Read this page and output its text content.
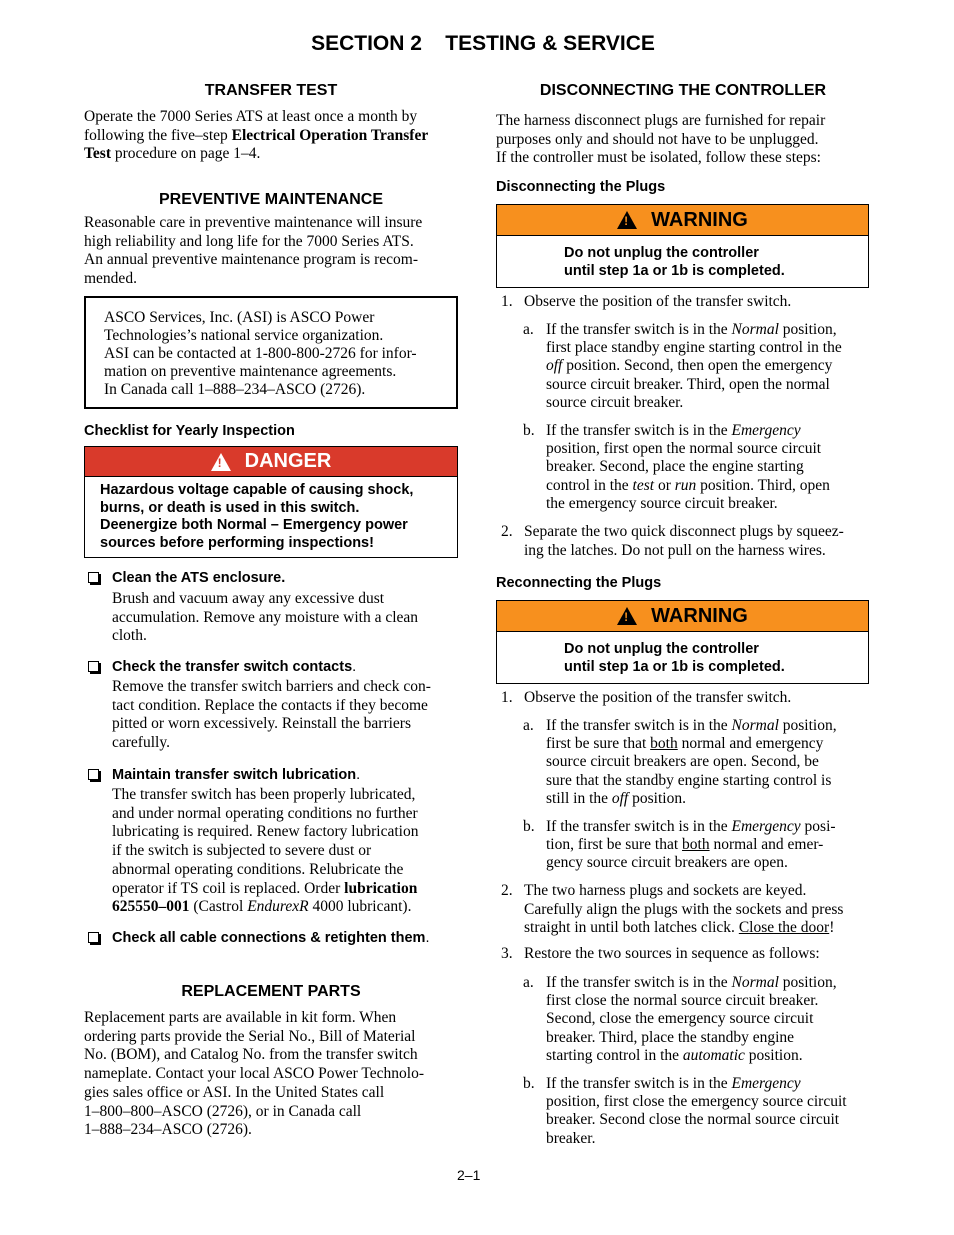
SECTION 2    TESTING & SERVICE
TRANSFER TEST
Operate the 7000 Series ATS at least once a month by
following the five–step Electrical Operation Transfer
Test procedure on page 1–4.
PREVENTIVE MAINTENANCE
Reasonable care in preventive maintenance will insure
high reliability and long life for the 7000 Series ATS.
An annual preventive maintenance program is recom-
mended.
ASCO Services, Inc. (ASI) is ASCO Power
Technologies’s national service organization.
ASI can be contacted at 1-800-800-2726 for infor-
mation on preventive maintenance agreements.
In Canada call 1–888–234–ASCO (2726).
Checklist for Yearly Inspection
! DANGER
Hazardous voltage capable of causing shock,
burns, or death is used in this switch.
Deenergize both Normal – Emergency power
sources before performing inspections!
Clean the ATS enclosure.
Brush and vacuum away any excessive dust
accumulation. Remove any moisture with a clean
cloth.
Check the transfer switch contacts.
Remove the transfer switch barriers and check con-
tact condition. Replace the contacts if they become
pitted or worn excessively. Reinstall the barriers
carefully.
Maintain transfer switch lubrication.
The transfer switch has been properly lubricated,
and under normal operating conditions no further
lubricating is required. Renew factory lubrication
if the switch is subjected to severe dust or
abnormal operating conditions. Relubricate the
operator if TS coil is replaced. Order lubrication
625550–001 (Castrol EndurexR 4000 lubricant).
Check all cable connections & retighten them.
REPLACEMENT PARTS
Replacement parts are available in kit form. When
ordering parts provide the Serial No., Bill of Material
No. (BOM), and Catalog No. from the transfer switch
nameplate. Contact your local ASCO Power Technolo-
gies sales office or ASI. In the United States call
1–800–800–ASCO (2726), or in Canada call
1–888–234–ASCO (2726).
DISCONNECTING THE CONTROLLER
The harness disconnect plugs are furnished for repair
purposes only and should not have to be unplugged.
If the controller must be isolated, follow these steps:
Disconnecting the Plugs
! WARNING
Do not unplug the controller
until step 1a or 1b is completed.
1. Observe the position of the transfer switch.
a. If the transfer switch is in the Normal position,
first place standby engine starting control in the
off position. Second, then open the emergency
source circuit breaker. Third, open the normal
source circuit breaker.
b. If the transfer switch is in the Emergency
position, first open the normal source circuit
breaker. Second, place the engine starting
control in the test or run position. Third, open
the emergency source circuit breaker.
2. Separate the two quick disconnect plugs by squeez-
ing the latches. Do not pull on the harness wires.
Reconnecting the Plugs
! WARNING
Do not unplug the controller
until step 1a or 1b is completed.
1. Observe the position of the transfer switch.
a. If the transfer switch is in the Normal position,
first be sure that both normal and emergency
source circuit breakers are open. Second, be
sure that the standby engine starting control is
still in the off position.
b. If the transfer switch is in the Emergency posi-
tion, first be sure that both normal and emer-
gency source circuit breakers are open.
2. The two harness plugs and sockets are keyed.
Carefully align the plugs with the sockets and press
straight in until both latches click. Close the door!
3. Restore the two sources in sequence as follows:
a. If the transfer switch is in the Normal position,
first close the normal source circuit breaker.
Second, close the emergency source circuit
breaker. Third, place the standby engine
starting control in the automatic position.
b. If the transfer switch is in the Emergency
position, first close the emergency source circuit
breaker. Second close the normal source circuit
breaker.
2–1
